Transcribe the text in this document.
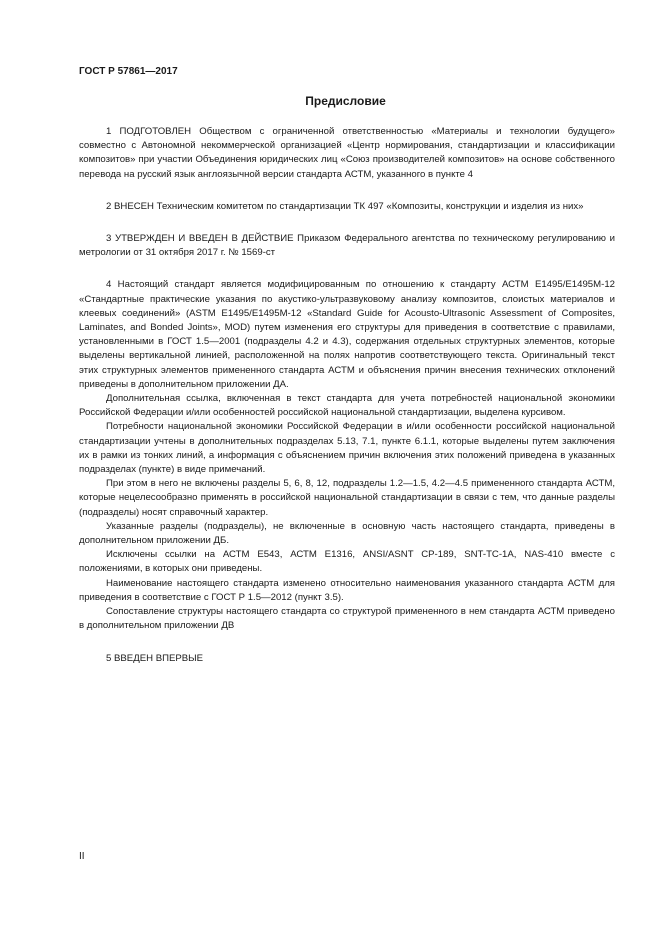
ГОСТ Р 57861—2017
Предисловие

1 ПОДГОТОВЛЕН Обществом с ограниченной ответственностью «Материалы и технологии будущего» совместно с Автономной некоммерческой организацией «Центр нормирования, стандартизации и классификации композитов» при участии Объединения юридических лиц «Союз производителей композитов» на основе собственного перевода на русский язык англоязычной версии стандарта АСТМ, указанного в пункте 4

2 ВНЕСЕН Техническим комитетом по стандартизации ТК 497 «Композиты, конструкции и изделия из них»

3 УТВЕРЖДЕН И ВВЕДЕН В ДЕЙСТВИЕ Приказом Федерального агентства по техническому регулированию и метрологии от 31 октября 2017 г. № 1569-ст

4 Настоящий стандарт является модифицированным по отношению к стандарту АСТМ Е1495/Е1495М-12 «Стандартные практические указания по акустико-ультразвуковому анализу композитов, слоистых материалов и клеевых соединений» (ASTM E1495/E1495M-12 «Standard Guide for Acousto-Ultrasonic Assessment of Composites, Laminates, and Bonded Joints», MOD) путем изменения его структуры для приведения в соответствие с правилами, установленными в ГОСТ 1.5—2001 (подразделы 4.2 и 4.3), содержания отдельных структурных элементов, которые выделены вертикальной линией, расположенной на полях напротив соответствующего текста. Оригинальный текст этих структурных элементов примененного стандарта АСТМ и объяснения причин внесения технических отклонений приведены в дополнительном приложении ДА.

Дополнительная ссылка, включенная в текст стандарта для учета потребностей национальной экономики Российской Федерации и/или особенностей российской национальной стандартизации, выделена курсивом.

Потребности национальной экономики Российской Федерации в и/или особенности российской национальной стандартизации учтены в дополнительных подразделах 5.13, 7.1, пункте 6.1.1, которые выделены путем заключения их в рамки из тонких линий, а информация с объяснением причин включения этих положений приведена в указанных подразделах (пункте) в виде примечаний.

При этом в него не включены разделы 5, 6, 8, 12, подразделы 1.2—1.5, 4.2—4.5 примененного стандарта АСТМ, которые нецелесообразно применять в российской национальной стандартизации в связи с тем, что данные разделы (подразделы) носят справочный характер.

Указанные разделы (подразделы), не включенные в основную часть настоящего стандарта, приведены в дополнительном приложении ДБ.

Исключены ссылки на АСТМ Е543, АСТМ Е1316, ANSI/ASNT CP-189, SNT-TC-1A, NAS-410 вместе с положениями, в которых они приведены.

Наименование настоящего стандарта изменено относительно наименования указанного стандарта АСТМ для приведения в соответствие с ГОСТ Р 1.5—2012 (пункт 3.5).

Сопоставление структуры настоящего стандарта со структурой примененного в нем стандарта АСТМ приведено в дополнительном приложении ДВ

5 ВВЕДЕН ВПЕРВЫЕ

II
